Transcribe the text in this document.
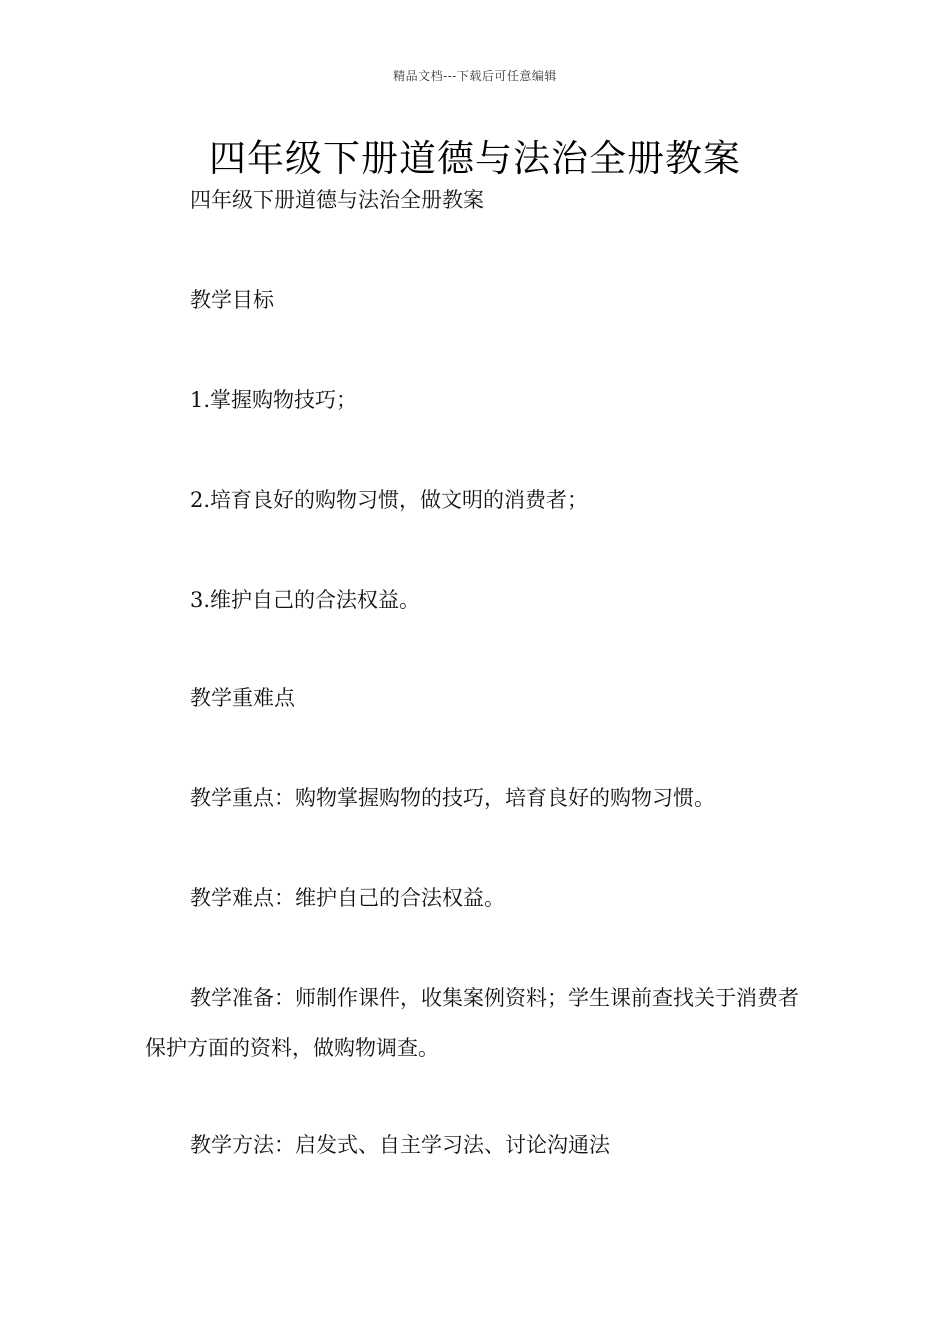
精品文档---下载后可任意编辑
四年级下册道德与法治全册教案

四年级下册道德与法治全册教案

教学目标

1.掌握购物技巧；

2.培育良好的购物习惯，做文明的消费者；

3.维护自己的合法权益。

教学重难点

教学重点：购物掌握购物的技巧，培育良好的购物习惯。

教学难点：维护自己的合法权益。

教学准备：师制作课件，收集案例资料；学生课前查找关于消费者保护方面的资料，做购物调查。

教学方法：启发式、自主学习法、讨论沟通法
